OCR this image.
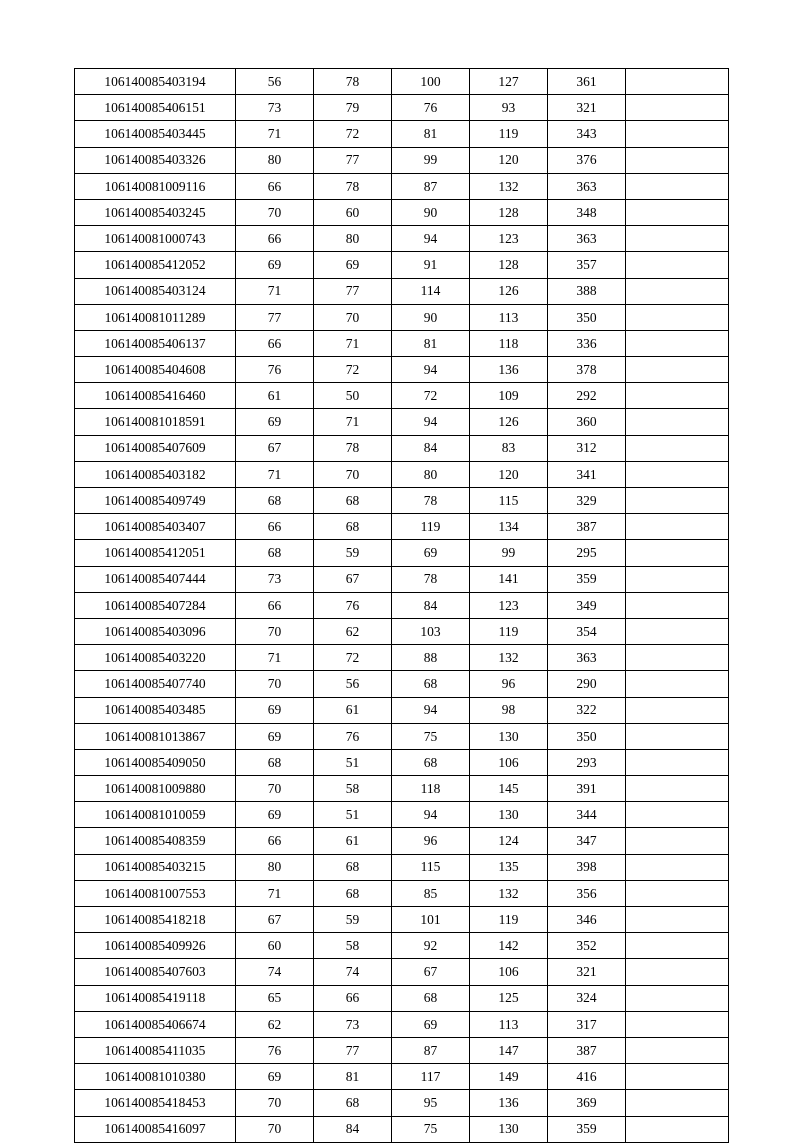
106140085403194	56	78	100	127	361	
106140085406151	73	79	76	93	321	
106140085403445	71	72	81	119	343	
106140085403326	80	77	99	120	376	
106140081009116	66	78	87	132	363	
106140085403245	70	60	90	128	348	
106140081000743	66	80	94	123	363	
106140085412052	69	69	91	128	357	
106140085403124	71	77	114	126	388	
106140081011289	77	70	90	113	350	
106140085406137	66	71	81	118	336	
106140085404608	76	72	94	136	378	
106140085416460	61	50	72	109	292	
106140081018591	69	71	94	126	360	
106140085407609	67	78	84	83	312	
106140085403182	71	70	80	120	341	
106140085409749	68	68	78	115	329	
106140085403407	66	68	119	134	387	
106140085412051	68	59	69	99	295	
106140085407444	73	67	78	141	359	
106140085407284	66	76	84	123	349	
106140085403096	70	62	103	119	354	
106140085403220	71	72	88	132	363	
106140085407740	70	56	68	96	290	
106140085403485	69	61	94	98	322	
106140081013867	69	76	75	130	350	
106140085409050	68	51	68	106	293	
106140081009880	70	58	118	145	391	
106140081010059	69	51	94	130	344	
106140085408359	66	61	96	124	347	
106140085403215	80	68	115	135	398	
106140081007553	71	68	85	132	356	
106140085418218	67	59	101	119	346	
106140085409926	60	58	92	142	352	
106140085407603	74	74	67	106	321	
106140085419118	65	66	68	125	324	
106140085406674	62	73	69	113	317	
106140085411035	76	77	87	147	387	
106140081010380	69	81	117	149	416	
106140085418453	70	68	95	136	369	
106140085416097	70	84	75	130	359	
